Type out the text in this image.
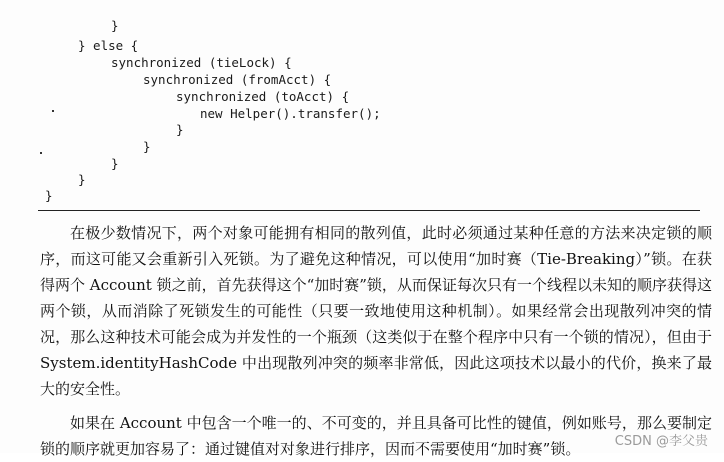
}

} else {

synchronized (tieLock) {

synchronized (fromAcct) {

synchronized (toAcct) {

new Helper().transfer();

}

}

}

}

}

在极少数情况下，两个对象可能拥有相同的散列值，此时必须通过某种任意的方法来决定锁的顺序，而这可能又会重新引入死锁。为了避免这种情况，可以使用“加时赛（Tie-Breaking）”锁。在获得两个 Account 锁之前，首先获得这个“加时赛”锁，从而保证每次只有一个线程以未知的顺序获得这两个锁，从而消除了死锁发生的可能性（只要一致地使用这种机制）。如果经常会出现散列冲突的情况，那么这种技术可能会成为并发性的一个瓶颈（这类似于在整个程序中只有一个锁的情况），但由于 System.identityHashCode 中出现散列冲突的频率非常低，因此这项技术以最小的代价，换来了最大的安全性。

如果在 Account 中包含一个唯一的、不可变的，并且具备可比性的键值，例如账号，那么要制定锁的顺序就更加容易了：通过键值对对象进行排序，因而不需要使用“加时赛”锁。	CSDN @李父贵
